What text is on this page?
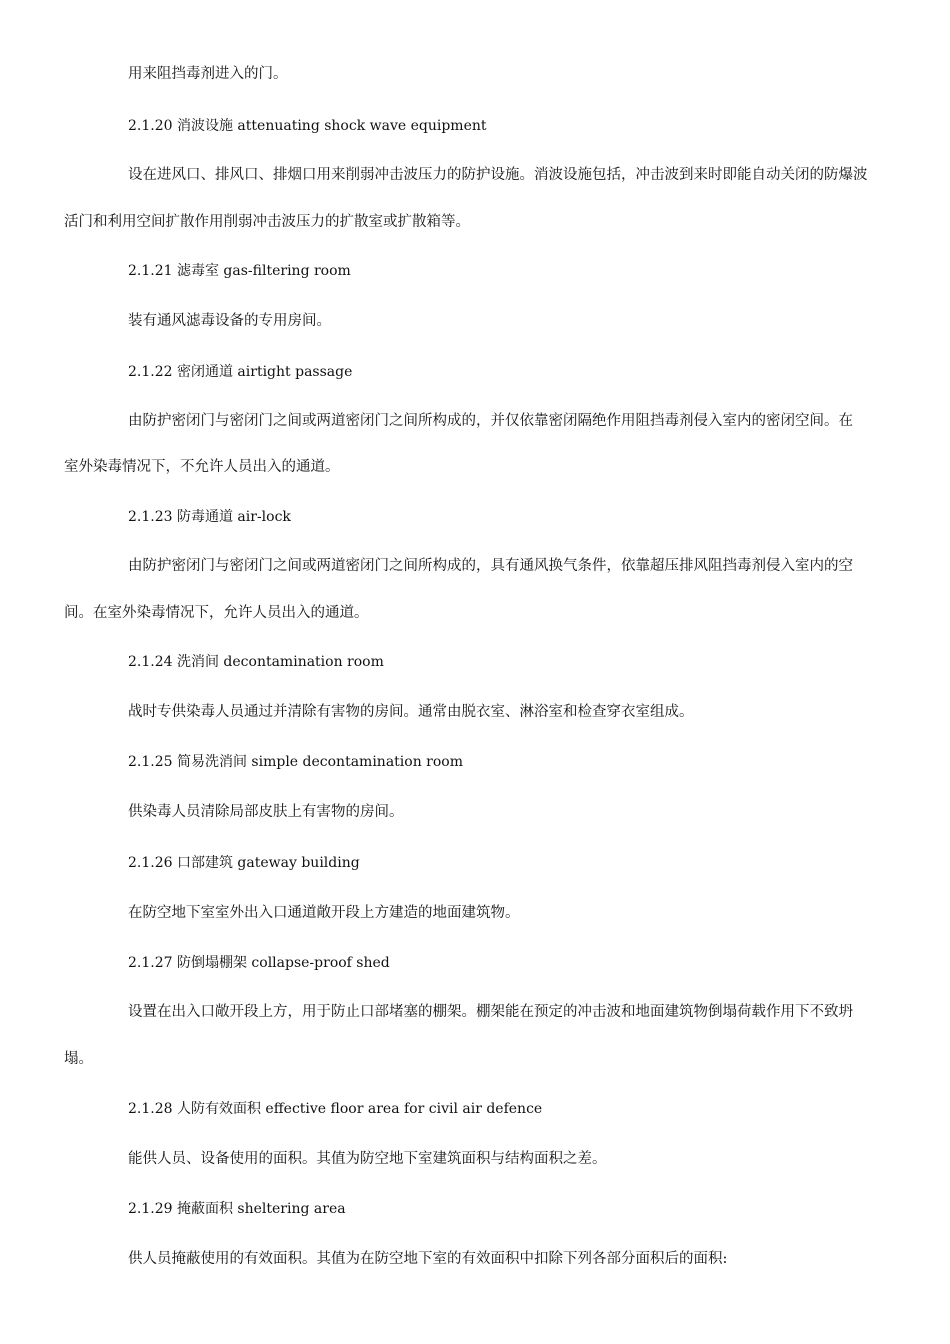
用来阻挡毒剂进入的门。
2.1.20 消波设施 attenuating shock wave equipment
设在进风口、排风口、排烟口用来削弱冲击波压力的防护设施。消波设施包括，冲击波到来时即能自动关闭的防爆波
活门和利用空间扩散作用削弱冲击波压力的扩散室或扩散箱等。
2.1.21 滤毒室 gas-filtering room
装有通风滤毒设备的专用房间。
2.1.22 密闭通道 airtight passage
由防护密闭门与密闭门之间或两道密闭门之间所构成的，并仅依靠密闭隔绝作用阻挡毒剂侵入室内的密闭空间。在
室外染毒情况下，不允许人员出入的通道。
2.1.23 防毒通道 air-lock
由防护密闭门与密闭门之间或两道密闭门之间所构成的，具有通风换气条件，依靠超压排风阻挡毒剂侵入室内的空
间。在室外染毒情况下，允许人员出入的通道。
2.1.24 洗消间 decontamination room
战时专供染毒人员通过并清除有害物的房间。通常由脱衣室、淋浴室和检查穿衣室组成。
2.1.25 简易洗消间 simple decontamination room
供染毒人员清除局部皮肤上有害物的房间。
2.1.26 口部建筑 gateway building
在防空地下室室外出入口通道敞开段上方建造的地面建筑物。
2.1.27 防倒塌棚架 collapse-proof shed
设置在出入口敞开段上方，用于防止口部堵塞的棚架。棚架能在预定的冲击波和地面建筑物倒塌荷载作用下不致坍
塌。
2.1.28 人防有效面积 effective floor area for civil air defence
能供人员、设备使用的面积。其值为防空地下室建筑面积与结构面积之差。
2.1.29 掩蔽面积 sheltering area
供人员掩蔽使用的有效面积。其值为在防空地下室的有效面积中扣除下列各部分面积后的面积:
